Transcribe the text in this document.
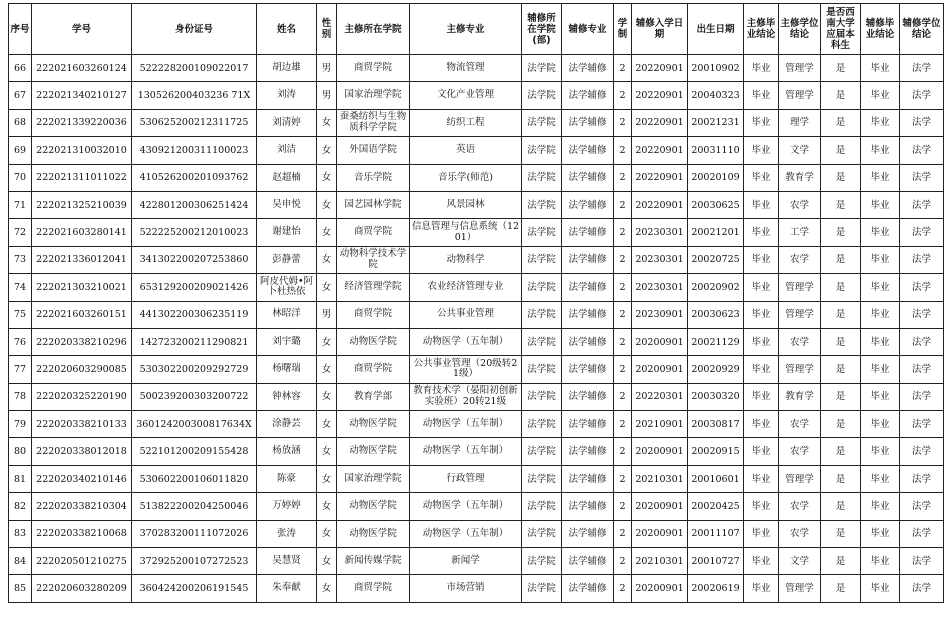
序号	学号	身份证号	姓名	性别	主修所在学院	主修专业	辅修所在学院(部)	辅修专业	学制	辅修入学日期	出生日期	主修毕业结论	主修学位结论	是否西南大学应届本科生	辅修毕业结论	辅修学位结论
66	222021603260124	522228200109022017	胡边雄	男	商贸学院	物流管理	法学院	法学辅修	2	20220901	20010902	毕业	管理学	是	毕业	法学
67	222021340210127	130526200403236 71X	刘涛	男	国家治理学院	文化产业管理	法学院	法学辅修	2	20220901	20040323	毕业	管理学	是	毕业	法学
68	222021339220036	530625200212311725	刘清婷	女	蚕桑纺织与生物质科学学院	纺织工程	法学院	法学辅修	2	20220901	20021231	毕业	理学	是	毕业	法学
69	222021310032010	430921200311100023	刘洁	女	外国语学院	英语	法学院	法学辅修	2	20220901	20031110	毕业	文学	是	毕业	法学
70	222021311011022	410526200201093762	赵超楠	女	音乐学院	音乐学(师范)	法学院	法学辅修	2	20220901	20020109	毕业	教育学	是	毕业	法学
71	222021325210039	422801200306251424	吴申悦	女	园艺园林学院	风景园林	法学院	法学辅修	2	20220901	20030625	毕业	农学	是	毕业	法学
72	222021603280141	522225200212010023	谢建怡	女	商贸学院	信息管理与信息系统（1201）	法学院	法学辅修	2	20230301	20021201	毕业	工学	是	毕业	法学
73	222021336012041	341302200207253860	彭静蕾	女	动物科学技术学院	动物科学	法学院	法学辅修	2	20230301	20020725	毕业	农学	是	毕业	法学
74	222021303210021	653129200209021426	阿皮代姆•阿卜杜热依	女	经济管理学院	农业经济管理专业	法学院	法学辅修	2	20230301	20020902	毕业	管理学	是	毕业	法学
75	222021603260151	441302200306235119	林昭洋	男	商贸学院	公共事业管理	法学院	法学辅修	2	20230901	20030623	毕业	管理学	是	毕业	法学
76	222020338210296	142723200211290821	刘宇璐	女	动物医学院	动物医学（五年制）	法学院	法学辅修	2	20200901	20021129	毕业	农学	是	毕业	法学
77	222020603290085	530302200209292729	杨曙瑞	女	商贸学院	公共事业管理（20级转21级）	法学院	法学辅修	2	20200901	20020929	毕业	管理学	是	毕业	法学
78	222020325220190	500239200303200722	钟林容	女	教育学部	教育技术学（晏阳初创新实验班）20转21级	法学院	法学辅修	2	20220301	20030320	毕业	教育学	是	毕业	法学
79	222020338210133	360124200300817634X	涂静芸	女	动物医学院	动物医学（五年制）	法学院	法学辅修	2	20210901	20030817	毕业	农学	是	毕业	法学
80	222020338012018	522101200209155428	杨放涵	女	动物医学院	动物医学（五年制）	法学院	法学辅修	2	20200901	20020915	毕业	农学	是	毕业	法学
81	222020340210146	530602200106011820	陈豪	女	国家治理学院	行政管理	法学院	法学辅修	2	20210301	20010601	毕业	管理学	是	毕业	法学
82	222020338210304	513822200204250046	万婷婷	女	动物医学院	动物医学（五年制）	法学院	法学辅修	2	20200901	20020425	毕业	农学	是	毕业	法学
83	222020338210068	370283200111072026	张涛	女	动物医学院	动物医学（五年制）	法学院	法学辅修	2	20200901	20011107	毕业	农学	是	毕业	法学
84	222020501210275	372925200107272523	吴慧贤	女	新闻传媒学院	新闻学	法学院	法学辅修	2	20210301	20010727	毕业	文学	是	毕业	法学
85	222020603280209	360424200206191545	朱奉献	女	商贸学院	市场营销	法学院	法学辅修	2	20200901	20020619	毕业	管理学	是	毕业	法学
